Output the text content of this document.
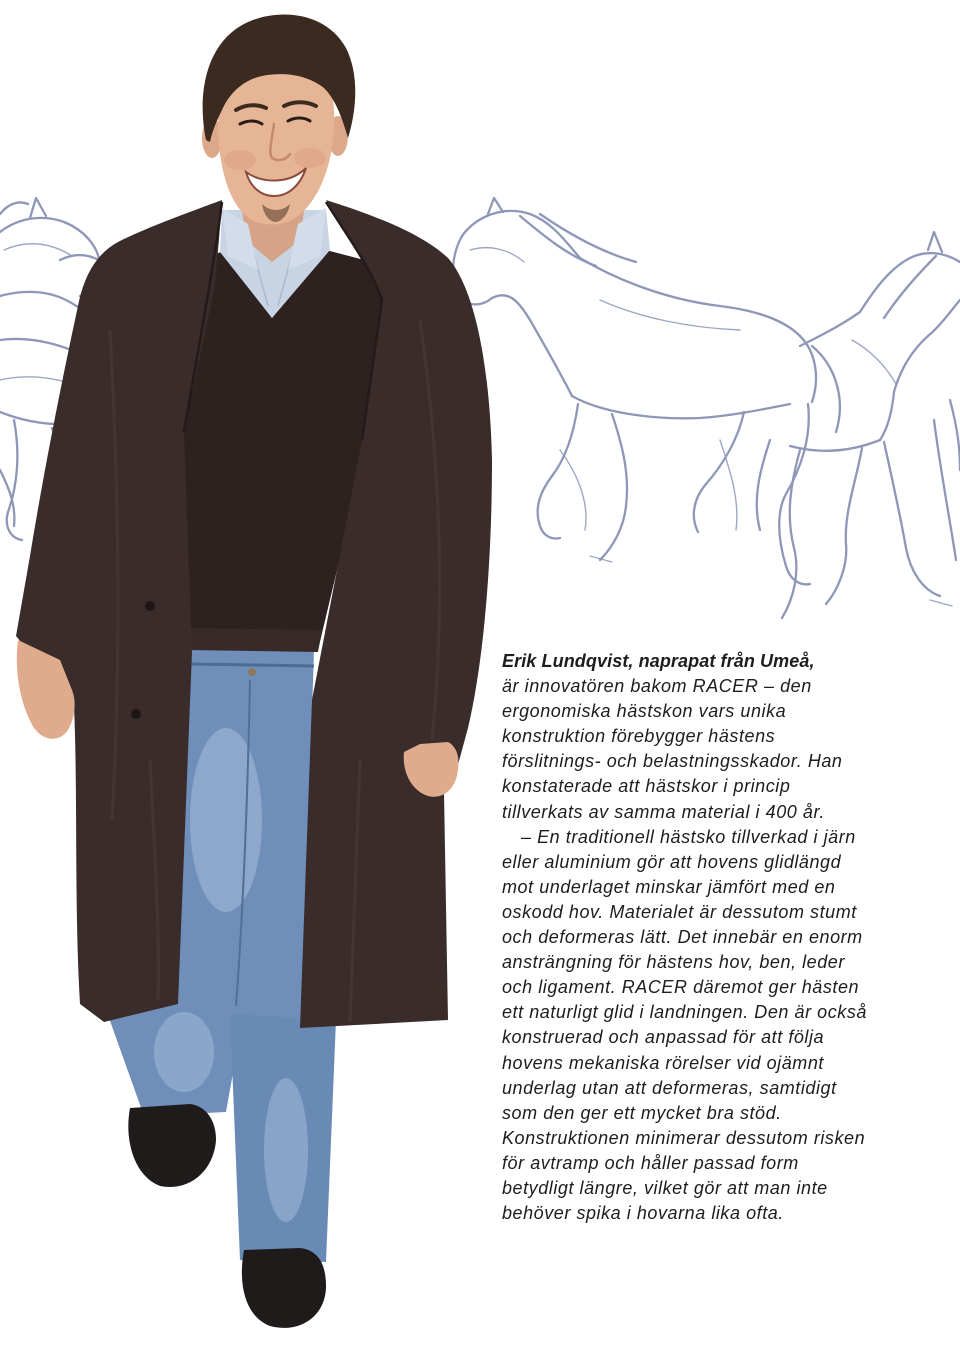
Erik Lundqvist, naprapat från Umeå,
är innovatören bakom RACER – den
ergonomiska hästskon vars unika
konstruktion förebygger hästens
förslitnings- och belastningsskador. Han
konstaterade att hästskor i princip
tillverkats av samma material i 400 år.
– En traditionell hästsko tillverkad i järn
eller aluminium gör att hovens glidlängd
mot underlaget minskar jämfört med en
oskodd hov. Materialet är dessutom stumt
och deformeras lätt. Det innebär en enorm
ansträngning för hästens hov, ben, leder
och ligament. RACER däremot ger hästen
ett naturligt glid i landningen. Den är också
konstruerad och anpassad för att följa
hovens mekaniska rörelser vid ojämnt
underlag utan att deformeras, samtidigt
som den ger ett mycket bra stöd.
Konstruktionen minimerar dessutom risken
för avtramp och håller passad form
betydligt längre, vilket gör att man inte
behöver spika i hovarna lika ofta.
